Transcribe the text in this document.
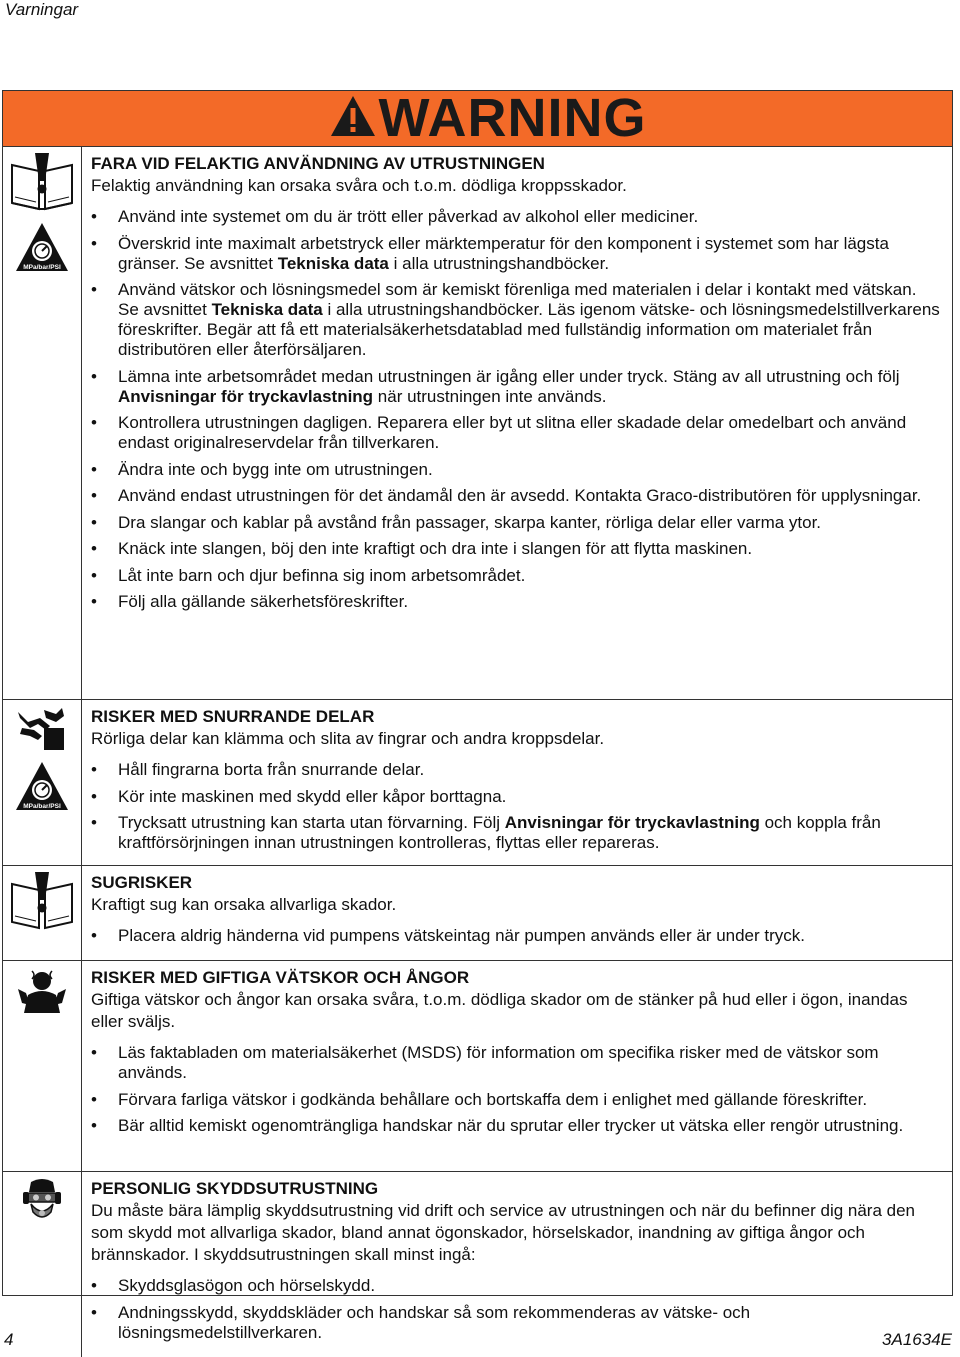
Varningar
WARNING
MPa/bar/PSI
FARA VID FELAKTIG ANVÄNDNING AV UTRUSTNINGEN
Felaktig användning kan orsaka svåra och t.o.m. dödliga kroppsskador.
• Använd inte systemet om du är trött eller påverkad av alkohol eller mediciner.
• Överskrid inte maximalt arbetstryck eller märktemperatur för den komponent i systemet som har lägsta gränser. Se avsnittet Tekniska data i alla utrustningshandböcker.
• Använd vätskor och lösningsmedel som är kemiskt förenliga med materialen i delar i kontakt med vätskan. Se avsnittet Tekniska data i alla utrustningshandböcker. Läs igenom vätske- och lösningsmedelstillverkarens föreskrifter. Begär att få ett materialsäkerhetsdatablad med fullständig information om materialet från distributören eller återförsäljaren.
• Lämna inte arbetsområdet medan utrustningen är igång eller under tryck. Stäng av all utrustning och följ Anvisningar för tryckavlastning när utrustningen inte används.
• Kontrollera utrustningen dagligen. Reparera eller byt ut slitna eller skadade delar omedelbart och använd endast originalreservdelar från tillverkaren.
• Ändra inte och bygg inte om utrustningen.
• Använd endast utrustningen för det ändamål den är avsedd. Kontakta Graco-distributören för upplysningar.
• Dra slangar och kablar på avstånd från passager, skarpa kanter, rörliga delar eller varma ytor.
• Knäck inte slangen, böj den inte kraftigt och dra inte i slangen för att flytta maskinen.
• Låt inte barn och djur befinna sig inom arbetsområdet.
• Följ alla gällande säkerhetsföreskrifter.
MPa/bar/PSI
RISKER MED SNURRANDE DELAR
Rörliga delar kan klämma och slita av fingrar och andra kroppsdelar.
• Håll fingrarna borta från snurrande delar.
• Kör inte maskinen med skydd eller kåpor borttagna.
• Trycksatt utrustning kan starta utan förvarning. Följ Anvisningar för tryckavlastning och koppla från kraftförsörjningen innan utrustningen kontrolleras, flyttas eller repareras.
SUGRISKER
Kraftigt sug kan orsaka allvarliga skador.
• Placera aldrig händerna vid pumpens vätskeintag när pumpen används eller är under tryck.
RISKER MED GIFTIGA VÄTSKOR OCH ÅNGOR
Giftiga vätskor och ångor kan orsaka svåra, t.o.m. dödliga skador om de stänker på hud eller i ögon, inandas eller sväljs.
• Läs faktabladen om materialsäkerhet (MSDS) för information om specifika risker med de vätskor som används.
• Förvara farliga vätskor i godkända behållare och bortskaffa dem i enlighet med gällande föreskrifter.
• Bär alltid kemiskt ogenomträngliga handskar när du sprutar eller trycker ut vätska eller rengör utrustning.
PERSONLIG SKYDDSUTRUSTNING
Du måste bära lämplig skyddsutrustning vid drift och service av utrustningen och när du befinner dig nära den som skydd mot allvarliga skador, bland annat ögonskador, hörselskador, inandning av giftiga ångor och brännskador. I skyddsutrustningen skall minst ingå:
• Skyddsglasögon och hörselskydd.
• Andningsskydd, skyddskläder och handskar så som rekommenderas av vätske- och lösningsmedelstillverkaren.
4	3A1634E
